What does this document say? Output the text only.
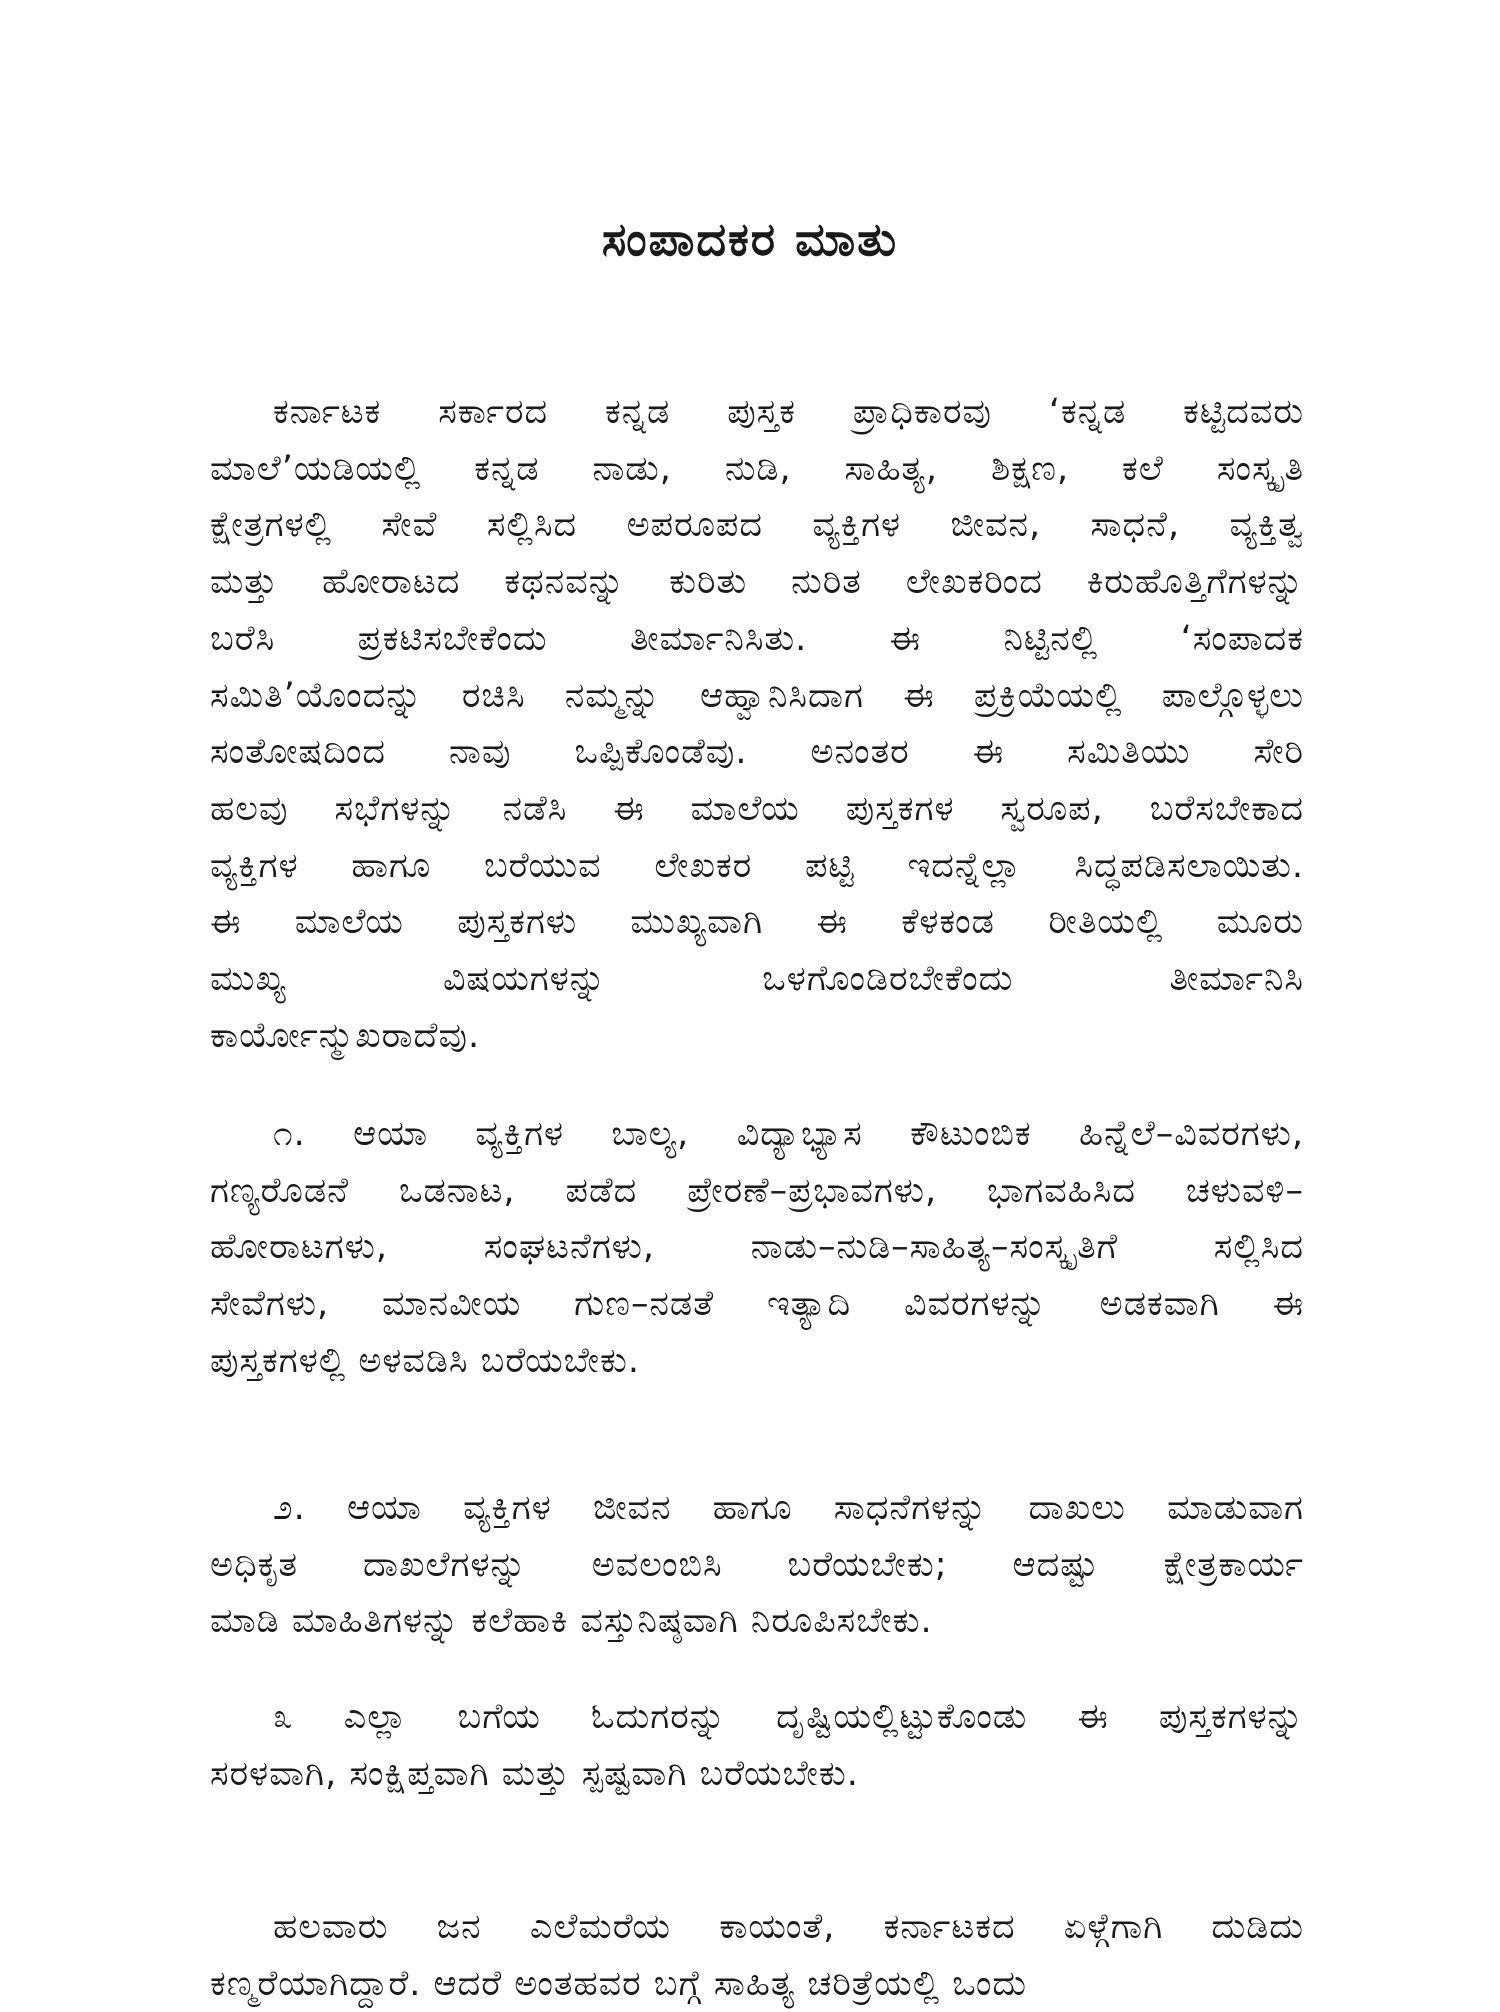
ಸಂಪಾದಕರ ಮಾತು
ಕರ್ನಾಟಕ ಸರ್ಕಾರದ ಕನ್ನಡ ಪುಸ್ತಕ ಪ್ರಾಧಿಕಾರವು ‘ಕನ್ನಡ ಕಟ್ಟಿದವರು
ಮಾಲೆ’ಯಡಿಯಲ್ಲಿ ಕನ್ನಡ ನಾಡು, ನುಡಿ, ಸಾಹಿತ್ಯ, ಶಿಕ್ಷಣ, ಕಲೆ ಸಂಸ್ಕೃತಿ
ಕ್ಷೇತ್ರಗಳಲ್ಲಿ ಸೇವೆ ಸಲ್ಲಿಸಿದ ಅಪರೂಪದ ವ್ಯಕ್ತಿಗಳ ಜೀವನ, ಸಾಧನೆ, ವ್ಯಕ್ತಿತ್ವ
ಮತ್ತು ಹೋರಾಟದ ಕಥನವನ್ನು ಕುರಿತು ನುರಿತ ಲೇಖಕರಿಂದ ಕಿರುಹೊತ್ತಿಗೆಗಳನ್ನು
ಬರೆಸಿ ಪ್ರಕಟಿಸಬೇಕೆಂದು ತೀರ್ಮಾನಿಸಿತು. ಈ ನಿಟ್ಟಿನಲ್ಲಿ ‘ಸಂಪಾದಕ
ಸಮಿತಿ’ಯೊಂದನ್ನು ರಚಿಸಿ ನಮ್ಮನ್ನು ಆಹ್ವಾನಿಸಿದಾಗ ಈ ಪ್ರಕ್ರಿಯೆಯಲ್ಲಿ ಪಾಲ್ಗೊಳ್ಳಲು
ಸಂತೋಷದಿಂದ ನಾವು ಒಪ್ಪಿಕೊಂಡೆವು. ಅನಂತರ ಈ ಸಮಿತಿಯು ಸೇರಿ
ಹಲವು ಸಭೆಗಳನ್ನು ನಡೆಸಿ ಈ ಮಾಲೆಯ ಪುಸ್ತಕಗಳ ಸ್ವರೂಪ, ಬರೆಸಬೇಕಾದ
ವ್ಯಕ್ತಿಗಳ ಹಾಗೂ ಬರೆಯುವ ಲೇಖಕರ ಪಟ್ಟಿ ಇದನ್ನೆಲ್ಲಾ ಸಿದ್ಧಪಡಿಸಲಾಯಿತು.
ಈ ಮಾಲೆಯ ಪುಸ್ತಕಗಳು ಮುಖ್ಯವಾಗಿ ಈ ಕೆಳಕಂಡ ರೀತಿಯಲ್ಲಿ ಮೂರು
ಮುಖ್ಯ ವಿಷಯಗಳನ್ನು ಒಳಗೊಂಡಿರಬೇಕೆಂದು ತೀರ್ಮಾನಿಸಿ
ಕಾರ್ಯೋನ್ಮುಖರಾದೆವು.
೧. ಆಯಾ ವ್ಯಕ್ತಿಗಳ ಬಾಲ್ಯ, ವಿದ್ಯಾಭ್ಯಾಸ ಕೌಟುಂಬಿಕ ಹಿನ್ನೆಲೆ–ವಿವರಗಳು,
ಗಣ್ಯರೊಡನೆ ಒಡನಾಟ, ಪಡೆದ ಪ್ರೇರಣೆ–ಪ್ರಭಾವಗಳು, ಭಾಗವಹಿಸಿದ ಚಳುವಳಿ–
ಹೋರಾಟಗಳು, ಸಂಘಟನೆಗಳು, ನಾಡು–ನುಡಿ–ಸಾಹಿತ್ಯ–ಸಂಸ್ಕೃತಿಗೆ ಸಲ್ಲಿಸಿದ
ಸೇವೆಗಳು, ಮಾನವೀಯ ಗುಣ–ನಡತೆ ಇತ್ಯಾದಿ ವಿವರಗಳನ್ನು ಅಡಕವಾಗಿ ಈ
ಪುಸ್ತಕಗಳಲ್ಲಿ ಅಳವಡಿಸಿ ಬರೆಯಬೇಕು.
೨. ಆಯಾ ವ್ಯಕ್ತಿಗಳ ಜೀವನ ಹಾಗೂ ಸಾಧನೆಗಳನ್ನು ದಾಖಲು ಮಾಡುವಾಗ
ಅಧಿಕೃತ ದಾಖಲೆಗಳನ್ನು ಅವಲಂಬಿಸಿ ಬರೆಯಬೇಕು; ಆದಷ್ಟು ಕ್ಷೇತ್ರಕಾರ್ಯ
ಮಾಡಿ ಮಾಹಿತಿಗಳನ್ನು ಕಲೆಹಾಕಿ ವಸ್ತುನಿಷ್ಠವಾಗಿ ನಿರೂಪಿಸಬೇಕು.
೩ ಎಲ್ಲಾ ಬಗೆಯ ಓದುಗರನ್ನು ದೃಷ್ಟಿಯಲ್ಲಿಟ್ಟುಕೊಂಡು ಈ ಪುಸ್ತಕಗಳನ್ನು
ಸರಳವಾಗಿ, ಸಂಕ್ಷಿಪ್ತವಾಗಿ ಮತ್ತು ಸ್ಪಷ್ಟವಾಗಿ ಬರೆಯಬೇಕು.
ಹಲವಾರು ಜನ ಎಲೆಮರೆಯ ಕಾಯಂತೆ, ಕರ್ನಾಟಕದ ಏಳ್ಗೆಗಾಗಿ ದುಡಿದು
ಕಣ್ಮರೆಯಾಗಿದ್ದಾರೆ. ಆದರೆ ಅಂತಹವರ ಬಗ್ಗೆ ಸಾಹಿತ್ಯ ಚರಿತ್ರೆಯಲ್ಲಿ ಒಂದು
